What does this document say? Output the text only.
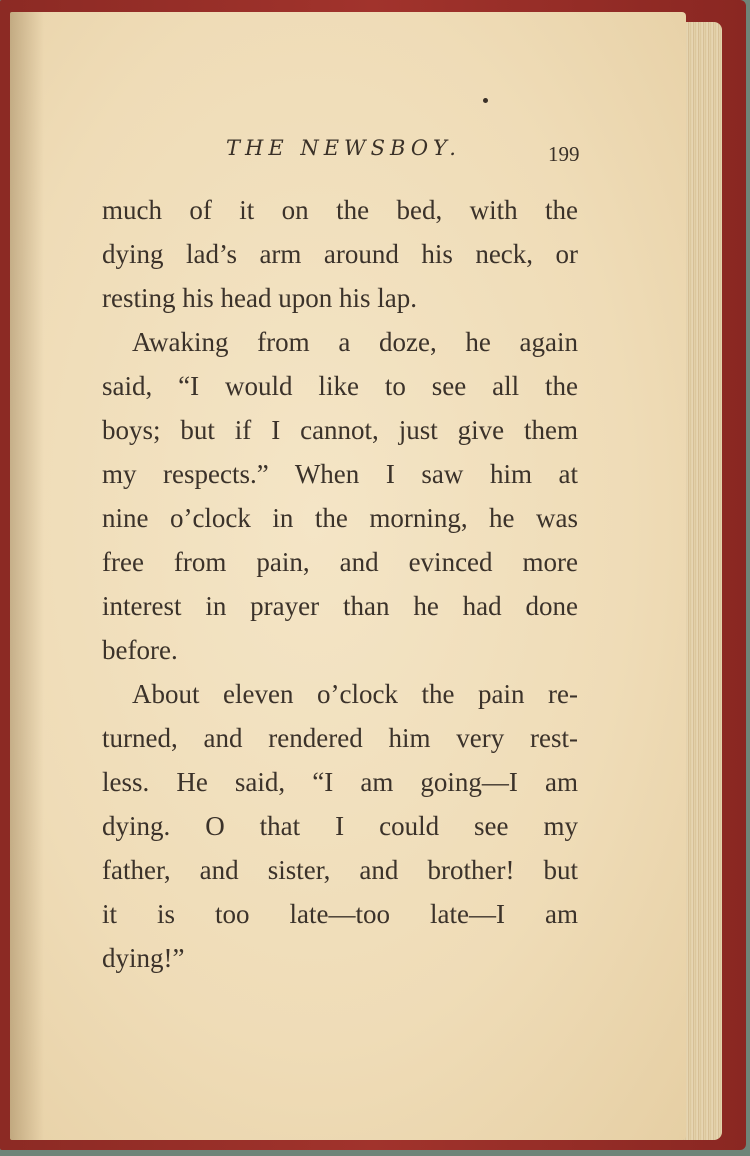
THE NEWSBOY.	199
much of it on the bed, with the
dying lad’s arm around his neck, or
resting his head upon his lap.
Awaking from a doze, he again
said, “I would like to see all the
boys; but if I cannot, just give them
my respects.” When I saw him at
nine o’clock in the morning, he was
free from pain, and evinced more
interest in prayer than he had done
before.
About eleven o’clock the pain re-
turned, and rendered him very rest-
less. He said, “I am going—I am
dying. O that I could see my
father, and sister, and brother! but
it is too late—too late—I am
dying!”
